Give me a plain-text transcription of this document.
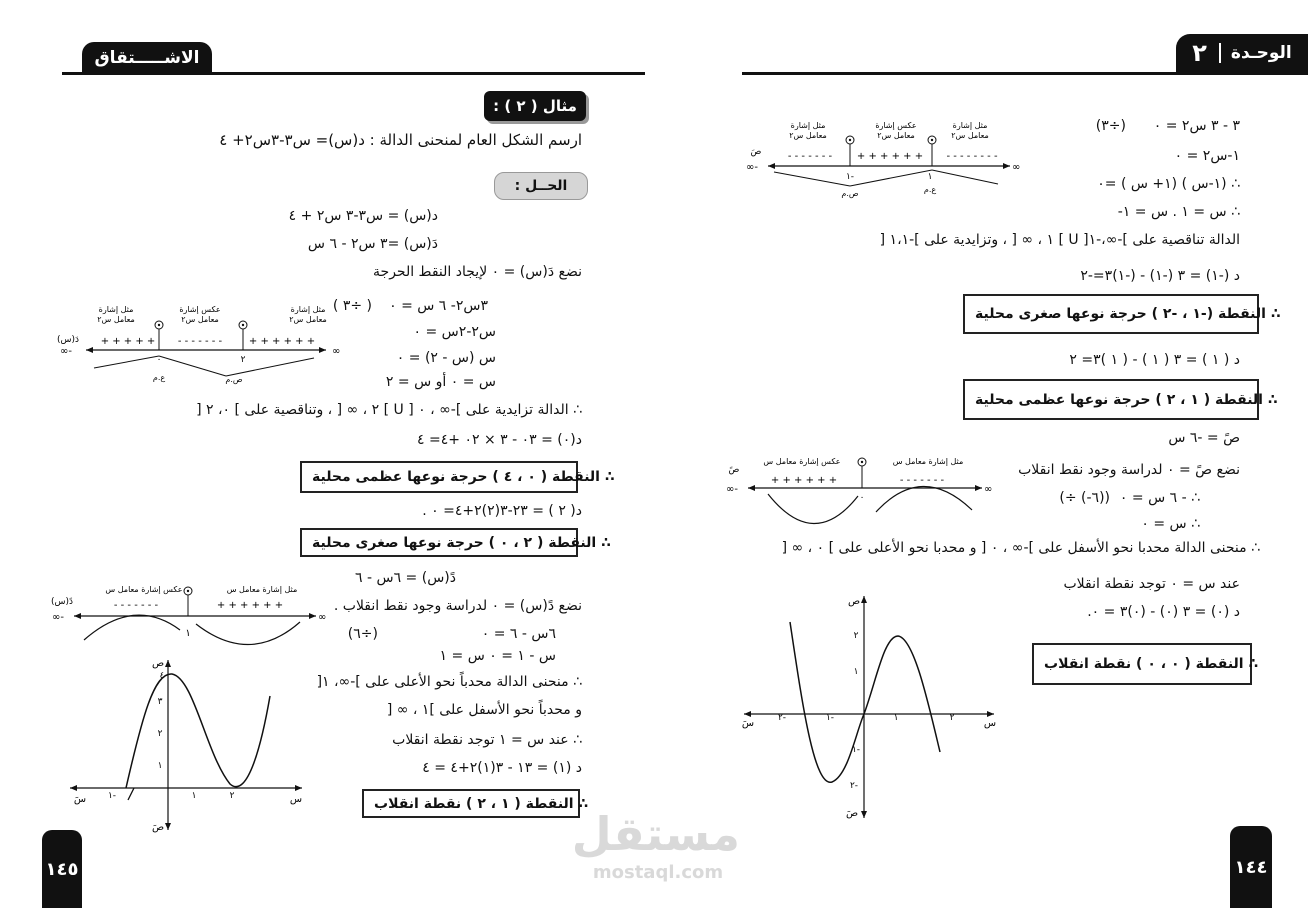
الاشـــــتقاق
مثال ( ٢ ) :
ارسم الشكل العام لمنحنى الدالة : د(س)= س٣-٣س٢+ ٤
الحــل :
د(س) = س٣-٣ س٢ + ٤
دَ(س) =٣ س٢ - ٦ س
نضع دَ(س) = ٠ لإيجاد النقط الحرجة
٣س٢- ٦ س = ٠
( ٣÷ )
س٢-٢س = ٠
س (س - ٢) = ٠
س = ٠ أو س = ٢
∴ الدالة تزايدية على ]-∞ ، ٠ [ U ] ٢ ، ∞ [ ، وتناقصية على ] ٠، ٢ [
د(٠) = ٠٣ - ٣ × ٠٢ +٤= ٤
∴ النقطة ( ٠ ، ٤ ) حرجة نوعها عظمى محلية
د( ٢ ) = ٢٣-٣(٢)٢+٤= ٠ .
∴ النقطة ( ٢ ، ٠ ) حرجة نوعها صغرى محلية
دً(س) = ٦س - ٦
نضع دً(س) = ٠ لدراسة وجود نقط انقلاب .
٦س - ٦ = ٠
(٦÷)
س - ١ = ٠ س = ١
∴ منحنى الدالة محدباً نحو الأعلى على ]-∞، ١[
و محدباً نحو الأسفل على ]١ ، ∞ [
∴ عند س = ١ توجد نقطة انقلاب
د (١) = ١٣ - ٣(١)٢+٤ = ٤
∴ النقطة ( ١ ، ٢ ) نقطة انقلاب
مثل إشارة
معامل س٢
عكس إشارة
معامل س٢
مثل إشارة
معامل س٢
+ + + + + - - - - - - -	+ + + + + +
دَ(س)
∞-	∞
٠	٢
ع.م	ص.م
عكس إشارة معامل س	مثل إشارة معامل س
دً(س)	- - - - - - -	+ + + + + +
∞-	∞
١
ص
صَ
س
سَ
١
٢
٣
٤
١-	١	٢
١٤٥
٢ الوحـدة
٣ - ٣ س٢ = ٠
(٣÷)
١-س٢ = ٠
∴ (١-س ) (١+ س ) =٠
∴ س = ١ . س = ١-
الدالة تناقصية على ]-∞،-١[ U ] ١ ، ∞ [ ، وتزايدية على ]-١،١ [
د (-١) = ٣ (-١) - (-١)٣=-٢
∴ النقطة (-١ ، -٢ ) حرجة نوعها صغرى محلية
د ( ١ ) = ٣ ( ١ ) - ( ١ )٣= ٢
∴ النقطة ( ١ ، ٢ ) حرجة نوعها عظمى محلية
صً = -٦ س
نضع صً = ٠ لدراسة وجود نقط انقلاب
∴ - ٦ س = ٠
(÷ (-٦))
∴ س = ٠
∴ منحنى الدالة محدبا نحو الأسفل على ]-∞ ، ٠ [ و محدبا نحو الأعلى على ] ٠ ، ∞ [
عند س = ٠ توجد نقطة انقلاب
د (٠) = ٣ (٠) - (٠)٣ = ٠.
∴ النقطة ( ٠ ، ٠ ) نقطة انقلاب
مثل إشارة
معامل س٢
عكس إشارة
معامل س٢
مثل إشارة
معامل س٢
صَ	- - - - - - - + + + + + + - - - - - - - -
∞-	∞
١-	١
ص.م	ع.م
عكس إشارة معامل س	مثل إشارة معامل س
صً
+ + + + + +	- - - - - - -
∞-	∞
٠
ص
صَ
س
سَ
٢
١
١-
٢-
٢-	١-	١	٢
١٤٤
مستقل
mostaql.com
